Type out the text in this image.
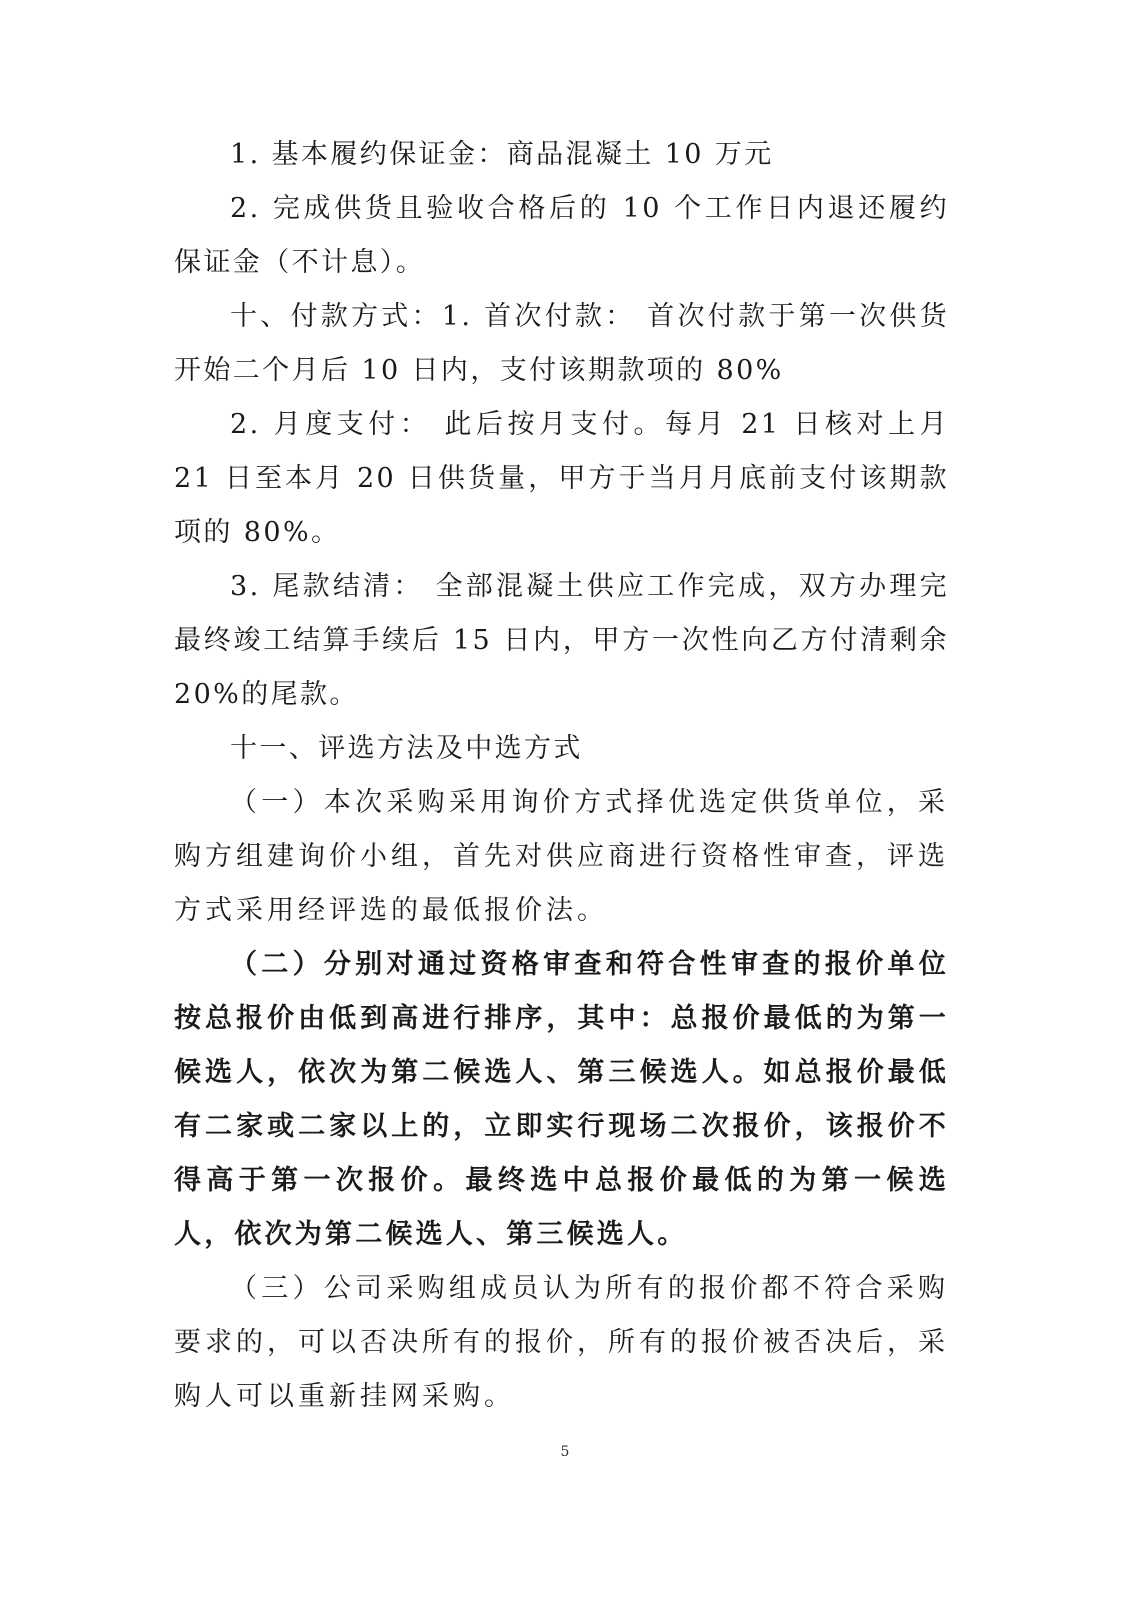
1. 基本履约保证金：商品混凝土 10 万元

2. 完成供货且验收合格后的 10 个工作日内退还履约保证金（不计息）。

十、付款方式：1. 首次付款： 首次付款于第一次供货开始二个月后 10 日内，支付该期款项的 80%

2. 月度支付： 此后按月支付。每月 21 日核对上月 21 日至本月 20 日供货量，甲方于当月月底前支付该期款项的 80%。

3. 尾款结清： 全部混凝土供应工作完成，双方办理完最终竣工结算手续后 15 日内，甲方一次性向乙方付清剩余 20%的尾款。

十一、评选方法及中选方式

（一）本次采购采用询价方式择优选定供货单位，采购方组建询价小组，首先对供应商进行资格性审查，评选方式采用经评选的最低报价法。

（二）分别对通过资格审查和符合性审查的报价单位按总报价由低到高进行排序，其中：总报价最低的为第一候选人，依次为第二候选人、第三候选人。如总报价最低有二家或二家以上的，立即实行现场二次报价，该报价不得高于第一次报价。最终选中总报价最低的为第一候选人，依次为第二候选人、第三候选人。

（三）公司采购组成员认为所有的报价都不符合采购要求的，可以否决所有的报价，所有的报价被否决后，采购人可以重新挂网采购。

5
